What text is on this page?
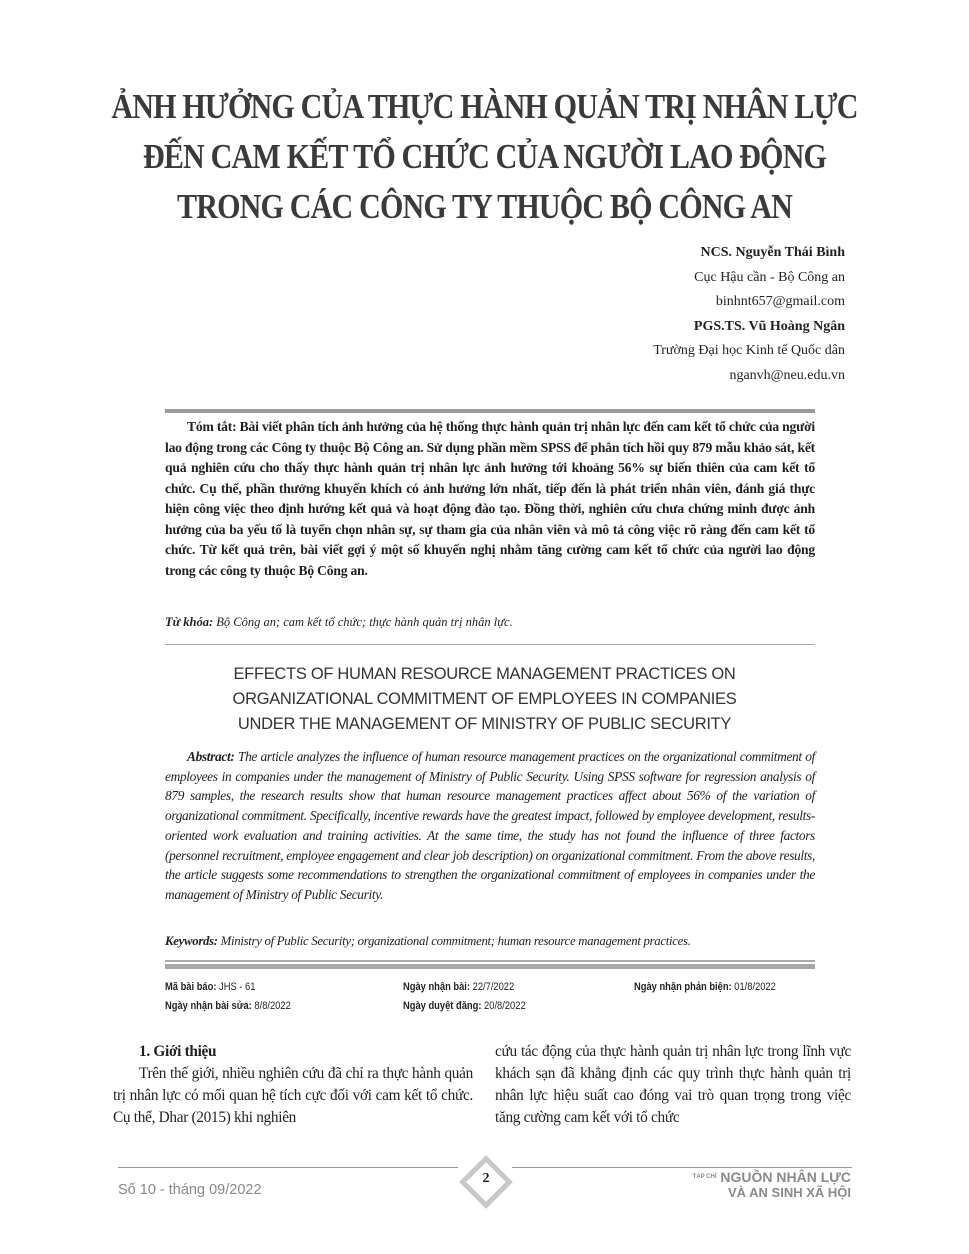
ẢNH HƯỞNG CỦA THỰC HÀNH QUẢN TRỊ NHÂN LỰC
ĐẾN CAM KẾT TỔ CHỨC CỦA NGƯỜI LAO ĐỘNG
TRONG CÁC CÔNG TY THUỘC BỘ CÔNG AN
NCS. Nguyễn Thái Bình
Cục Hậu cần - Bộ Công an
binhnt657@gmail.com
PGS.TS. Vũ Hoàng Ngân
Trường Đại học Kinh tế Quốc dân
nganvh@neu.edu.vn

Tóm tắt: Bài viết phân tích ảnh hưởng của hệ thống thực hành quản trị nhân lực đến cam kết tổ chức của người lao động trong các Công ty thuộc Bộ Công an. Sử dụng phần mềm SPSS để phân tích hồi quy 879 mẫu khảo sát, kết quả nghiên cứu cho thấy thực hành quản trị nhân lực ảnh hưởng tới khoảng 56% sự biến thiên của cam kết tổ chức. Cụ thể, phần thưởng khuyến khích có ảnh hưởng lớn nhất, tiếp đến là phát triển nhân viên, đánh giá thực hiện công việc theo định hướng kết quả và hoạt động đào tạo. Đồng thời, nghiên cứu chưa chứng minh được ảnh hưởng của ba yếu tố là tuyển chọn nhân sự, sự tham gia của nhân viên và mô tả công việc rõ ràng đến cam kết tổ chức. Từ kết quả trên, bài viết gợi ý một số khuyến nghị nhằm tăng cường cam kết tổ chức của người lao động trong các công ty thuộc Bộ Công an.

Từ khóa: Bộ Công an; cam kết tổ chức; thực hành quản trị nhân lực.
EFFECTS OF HUMAN RESOURCE MANAGEMENT PRACTICES ON
ORGANIZATIONAL COMMITMENT OF EMPLOYEES IN COMPANIES
UNDER THE MANAGEMENT OF MINISTRY OF PUBLIC SECURITY

Abstract: The article analyzes the influence of human resource management practices on the organizational commitment of employees in companies under the management of Ministry of Public Security. Using SPSS software for regression analysis of 879 samples, the research results show that human resource management practices affect about 56% of the variation of organizational commitment. Specifically, incentive rewards have the greatest impact, followed by employee development, results-oriented work evaluation and training activities. At the same time, the study has not found the influence of three factors (personnel recruitment, employee engagement and clear job description) on organizational commitment. From the above results, the article suggests some recommendations to strengthen the organizational commitment of employees in companies under the management of Ministry of Public Security.

Keywords: Ministry of Public Security; organizational commitment; human resource management practices.
Mã bài báo: JHS - 61	Ngày nhận bài: 22/7/2022	Ngày nhận phản biện: 01/8/2022
Ngày nhận bài sửa: 8/8/2022	Ngày duyệt đăng: 20/8/2022
1. Giới thiệu

Trên thế giới, nhiều nghiên cứu đã chỉ ra thực hành quản trị nhân lực có mối quan hệ tích cực đối với cam kết tổ chức. Cụ thể, Dhar (2015) khi nghiên

cứu tác động của thực hành quản trị nhân lực trong lĩnh vực khách sạn đã khẳng định các quy trình thực hành quản trị nhân lực hiệu suất cao đóng vai trò quan trọng trong việc tăng cường cam kết với tổ chức

2
Số 10 - tháng 09/2022
$^{TẠP CHÍ}$ NGUỒN NHÂN LỰC
VÀ AN SINH XÃ HỘI
